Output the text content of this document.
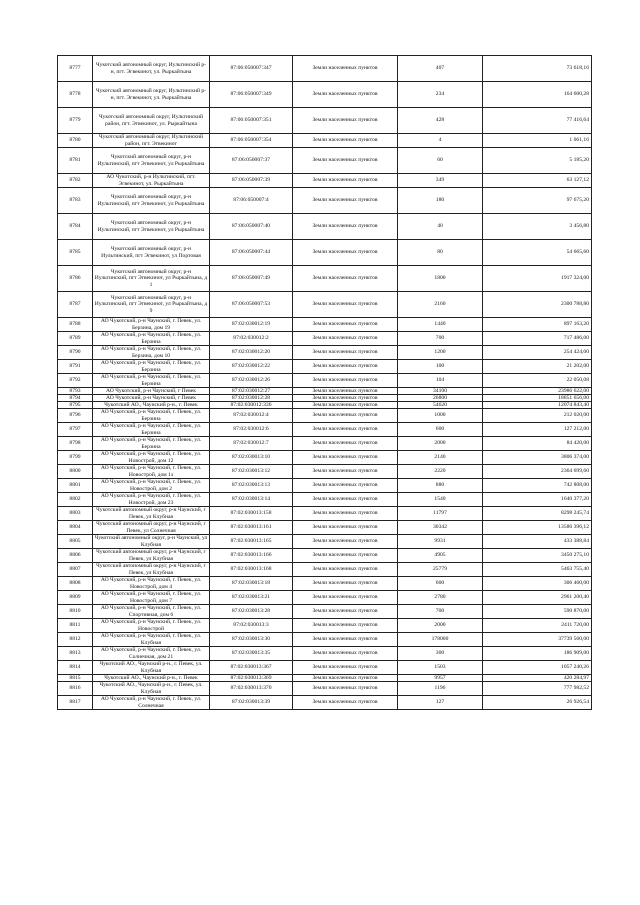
8777	Чукотский автономный округ, Иультинский р-н, пгт. Эгвекинот, ул. Рыркайтына	87:06:050007:347	Земли населенных пунктов	407	73 618,16
8778	Чукотский автономный округ, Иультинский р-н, пгт. Эгвекинот, ул. Рыркайтына	87:06:050007:349	Земли населенных пунктов	234	164 600,28
8779	Чукотский автономный округ, Иультинский район, пгт. Эгвекинот, ул. Рыркайтына	87:06:050007:351	Земли населенных пунктов	428	77 416,64
8780	Чукотский автономный округ, Иультинский район, пгт. Эгвекинот	87:06:050007:354	Земли населенных пунктов	4	1 061,16
8781	Чукотский автономный округ, р-н Иультинский, пгт Эгвекинот, ул Рыркайтына	87:06:050007:37	Земли населенных пунктов	60	5 185,20
8782	АО Чукотский, р-н Иультинский, пгт. Эгвекинот, ул. Рыркайтына	87:06:050007:39	Земли населенных пунктов	349	63 127,12
8783	Чукотский автономный округ, р-н Иультинский, пгт Эгвекинот, ул Рыркайтына	87:06:050007:4	Земли населенных пунктов	180	97 675,20
8784	Чукотский автономный округ, р-н Иультинский, пгт Эгвекинот, ул Рыркайтына	87:06:050007:40	Земли населенных пунктов	40	3 456,80
8785	Чукотский автономный округ, р-н Иультинский, пгт Эгвекинот, ул Портовая	87:06:050007:44	Земли населенных пунктов	80	54 665,60
8786	Чукотский автономный округ, р-н Иультинский, пгт Эгвекинот, ул Рыркайтына, д 1	87:06:050007:49	Земли населенных пунктов	1800	1917 324,00
8787	Чукотский автономный округ, р-н Иультинский, пгт Эгвекинот, ул Рыркайтына, д 9	87:06:050007:53	Земли населенных пунктов	2160	2300 788,80
8788	АО Чукотский, р-н Чаунский, г. Певек, ул. Берзина, дом 19	87:02:030012:19	Земли населенных пунктов	1440	897 163,20
8789	АО Чукотский, р-н Чаунский, г. Певек, ул. Берзина	87:02:030012:2	Земли населенных пунктов	700	717 486,00
8790	АО Чукотский, р-н Чаунский, г. Певек, ул. Берзина, дом 10	87:02:030012:20	Земли населенных пунктов	1200	254 424,00
8791	АО Чукотский, р-н Чаунский, г. Певек, ул. Берзина	87:02:030012:22	Земли населенных пунктов	100	21 202,00
8792	АО Чукотский, р-н Чаунский, г. Певек, ул. Берзина	87:02:030012:26	Земли населенных пунктов	104	22 050,08
8793	АО Чукотский, р-н Чаунский, г Певек	87:02:030012:27	Земли населенных пунктов	34100	23986 622,00
8794	АО Чукотский, р-н Чаунский, г Певек	87:02:030012:28	Земли населенных пунктов	26800	18851 656,00
8795	Чукотский АО., Чаунский р-н., г. Певек	87:02:030012:336	Земли населенных пунктов	54620	12074 843,40
8796	АО Чукотский, р-н Чаунский, г. Певек, ул. Берзина	87:02:030012:4	Земли населенных пунктов	1000	212 020,00
8797	АО Чукотский, р-н Чаунский, г. Певек, ул. Берзина	87:02:030012:6	Земли населенных пунктов	600	127 212,00
8798	АО Чукотский, р-н Чаунский, г. Певек, ул. Берзина	87:02:030012:7	Земли населенных пунктов	2000	84 420,00
8799	АО Чукотский, р-н Чаунский, г. Певек, ул. Новострой, дом 12	87:02:030013:10	Земли населенных пунктов	2140	3806 374,00
8800	АО Чукотский, р-н Чаунский, г. Певек, ул. Новострой, дом 1з	87:02:030013:12	Земли населенных пунктов	2220	2364 699,60
8801	АО Чукотский, р-н Чаунский, г. Певек, ул. Новострой, дом 2	87:02:030013:13	Земли населенных пунктов	880	742 808,00
8802	АО Чукотский, р-н Чаунский, г. Певек, ул. Новострой, дом 23	87:02:030013:14	Земли населенных пунктов	1540	1640 377,20
8803	Чукотский автономный округ, р-н Чаунский, г Певек, ул Клубная	87:02:030013:158	Земли населенных пунктов	11797	8298 245,74
8804	Чукотский автономный округ, р-н Чаунский, г Певек, ул Солнечная	87:02:030013:161	Земли населенных пунктов	30342	13586 396,12
8805	Чукотский автономный округ, р-н Чаунский, ул Клубная	87:02:030013:165	Земли населенных пунктов	9931	433 388,84
8806	Чукотский автономный округ, р-н Чаунский, г Певек, ул Клубная	87:02:030013:166	Земли населенных пунктов	4905	3450 275,10
8807	Чукотский автономный округ, р-н Чаунский, г Певек, ул Клубная	87:02:030013:168	Земли населенных пунктов	25779	5463 755,40
8808	АО Чукотский, р-н Чаунский, г. Певек, ул. Новострой, дом 4	87:02:030013:18	Земли населенных пунктов	600	306 460,00
8809	АО Чукотский, р-н Чаунский, г. Певек, ул. Новострой, дом 7	87:02:030013:21	Земли населенных пунктов	2780	2961 200,40
8810	АО Чукотский, р-н Чаунский, г. Певек, ул. Спортивная, дом 6	87:02:030013:28	Земли населенных пунктов	700	590 870,00
8811	АО Чукотский, р-н Чаунский, г. Певек, ул. Новострой	87:02:030013:3	Земли населенных пунктов	2000	2411 720,00
8812	АО Чукотский, р-н Чаунский, г. Певек, ул. Клубная	87:02:030013:30	Земли населенных пунктов	178000	37739 560,00
8813	АО Чукотский, р-н Чаунский, г. Певек, ул. Солнечная, дом 21	87:02:030013:35	Земли населенных пунктов	300	186 909,00
8814	Чукотский АО., Чаунский р-н., г. Певек, ул. Клубная	87:02:030013:367	Земли населенных пунктов	1503	1057 240,26
8815	Чукотский АО., Чаунский р-н., г. Певек	87:02:030013:369	Земли населенных пунктов	9957	420 284,97
8816	Чукотский АО., Чаунский р-н., г. Певек, ул. Клубная	87:02:030013:370	Земли населенных пунктов	1196	777 982,52
8817	АО Чукотский, р-н Чаунский, г. Певек, ул. Солнечная	87:02:030013:39	Земли населенных пунктов	127	26 926,54
